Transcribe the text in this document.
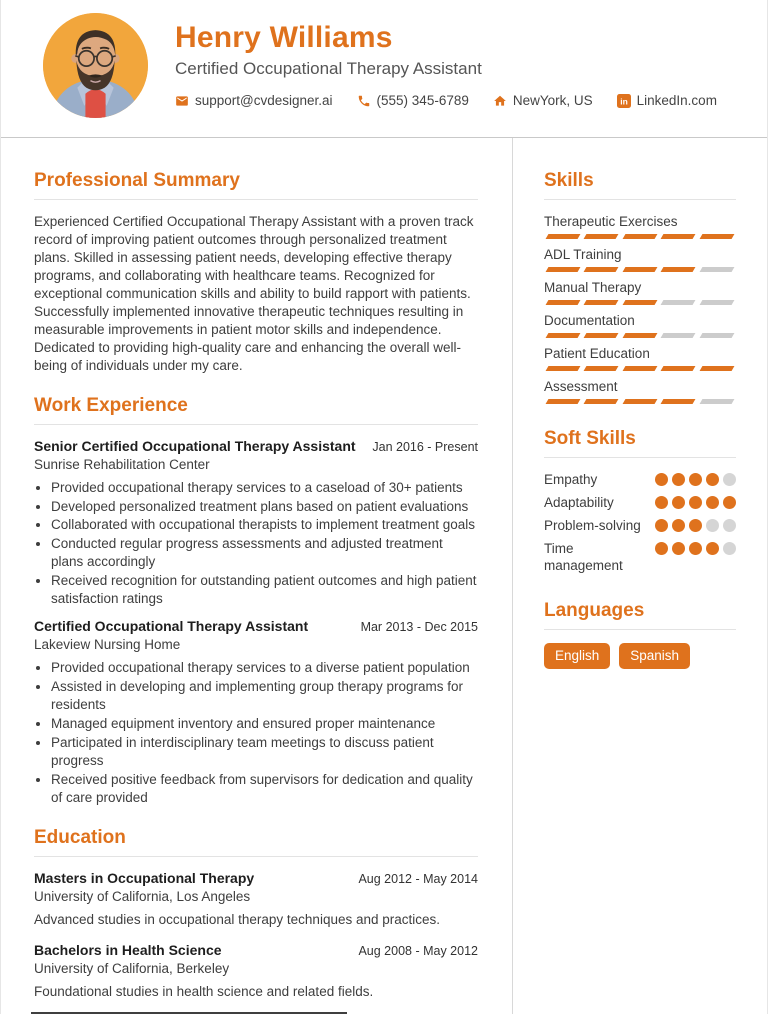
Henry Williams
Certified Occupational Therapy Assistant
support@cvdesigner.ai	(555) 345-6789	NewYork, US	in LinkedIn.com
Professional Summary

Experienced Certified Occupational Therapy Assistant with a proven track record of improving patient outcomes through personalized treatment plans. Skilled in assessing patient needs, developing effective therapy programs, and collaborating with healthcare teams. Recognized for exceptional communication skills and ability to build rapport with patients. Successfully implemented innovative therapeutic techniques resulting in measurable improvements in patient motor skills and independence. Dedicated to providing high-quality care and enhancing the overall well-being of individuals under my care.

Work Experience
Senior Certified Occupational Therapy Assistant Jan 2016 - Present
Sunrise Rehabilitation Center
• Provided occupational therapy services to a caseload of 30+ patients
• Developed personalized treatment plans based on patient evaluations
• Collaborated with occupational therapists to implement treatment goals
• Conducted regular progress assessments and adjusted treatment plans accordingly
• Received recognition for outstanding patient outcomes and high patient satisfaction ratings
Certified Occupational Therapy Assistant	Mar 2013 - Dec 2015
Lakeview Nursing Home
• Provided occupational therapy services to a diverse patient population
• Assisted in developing and implementing group therapy programs for residents
• Managed equipment inventory and ensured proper maintenance
• Participated in interdisciplinary team meetings to discuss patient progress
• Received positive feedback from supervisors for dedication and quality of care provided
Education
Masters in Occupational Therapy	Aug 2012 - May 2014
University of California, Los Angeles
Advanced studies in occupational therapy techniques and practices.
Bachelors in Health Science	Aug 2008 - May 2012
University of California, Berkeley
Foundational studies in health science and related fields.
Skills
Therapeutic Exercises
ADL Training
Manual Therapy
Documentation
Patient Education
Assessment
Soft Skills
Empathy
Adaptability
Problem-solving
Time management
Languages
English	Spanish
